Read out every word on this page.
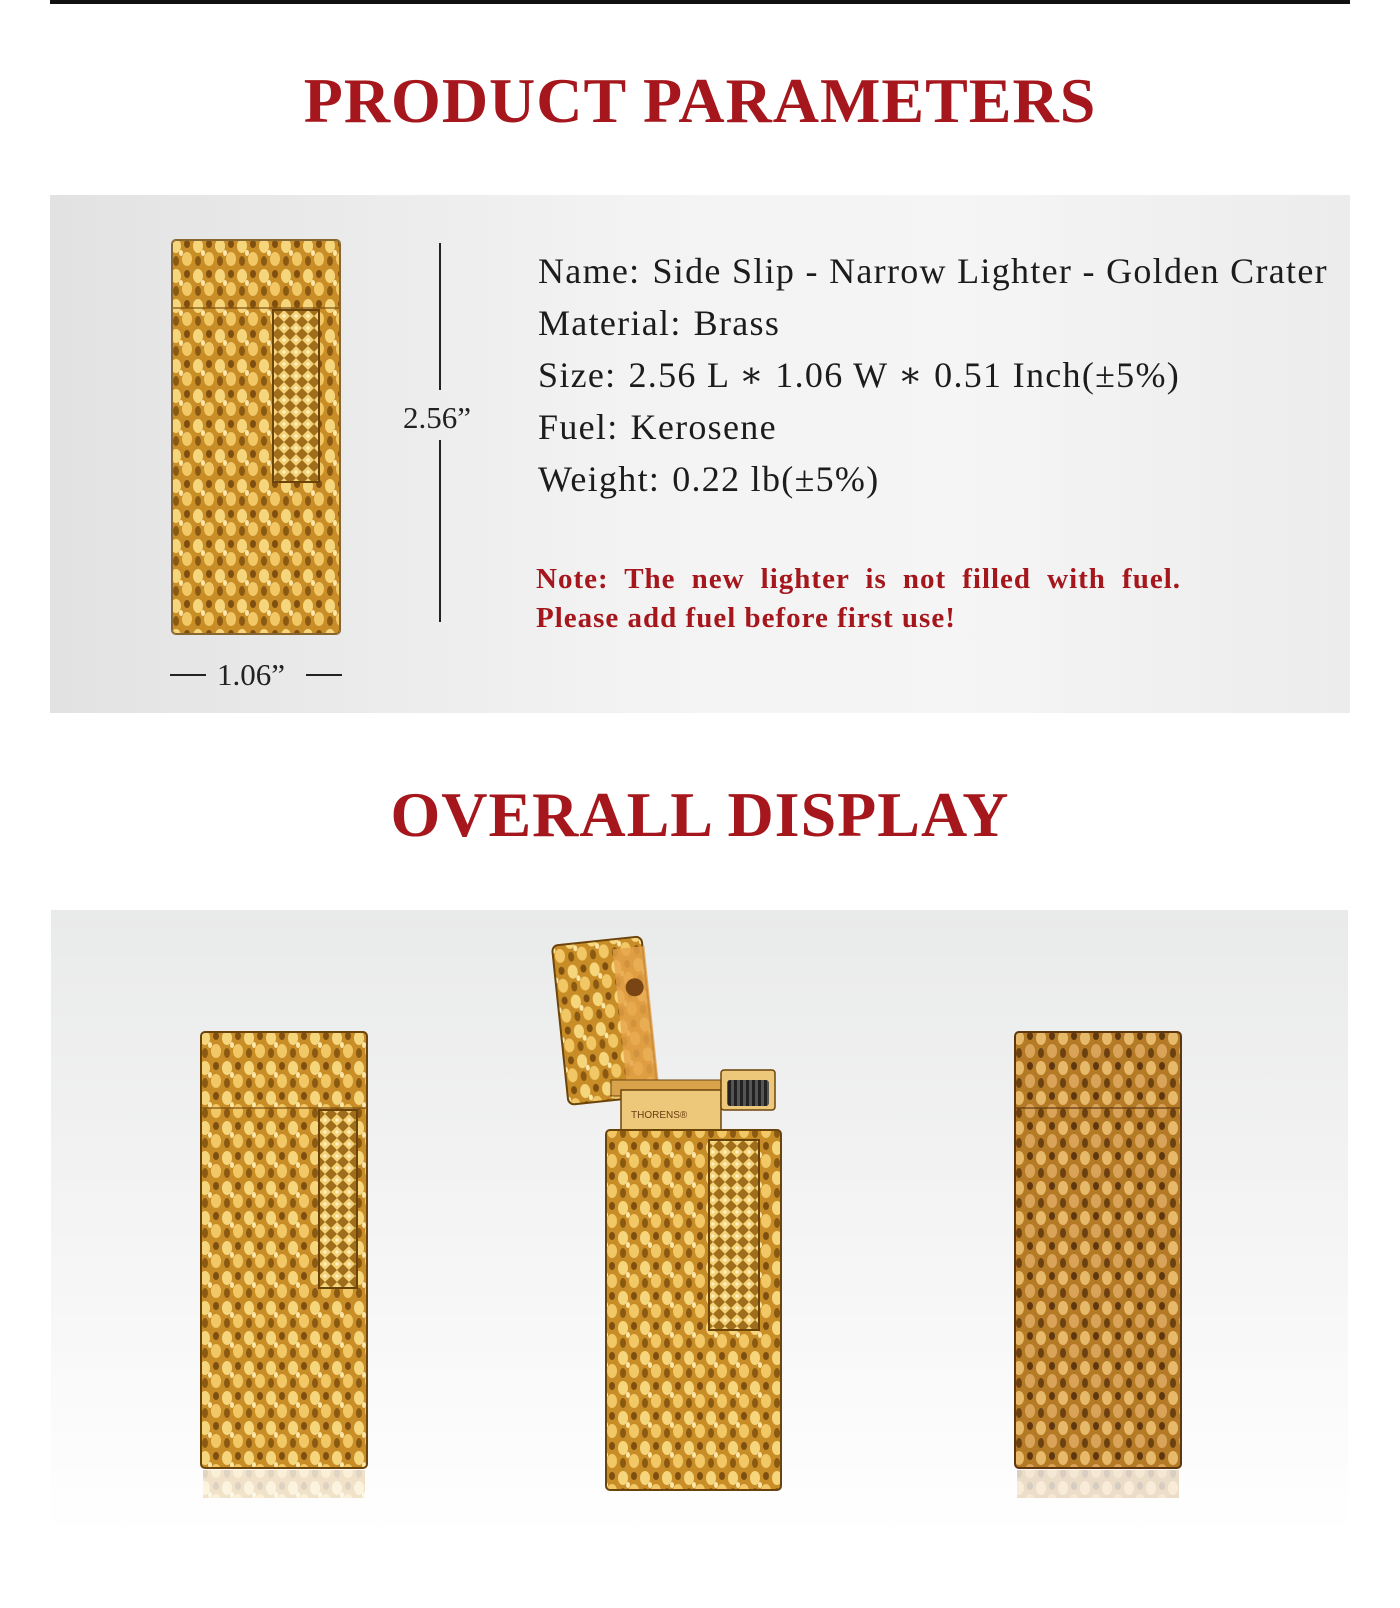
PRODUCT PARAMETERS
2.56”
1.06”
Name: Side Slip - Narrow Lighter - Golden Crater
Material: Brass
Size: 2.56 L ∗ 1.06 W ∗ 0.51 Inch(±5%)
Fuel: Kerosene
Weight: 0.22 lb(±5%)
Note: The new lighter is not filled with fuel. Please add fuel before first use!
OVERALL DISPLAY
THORENS®
